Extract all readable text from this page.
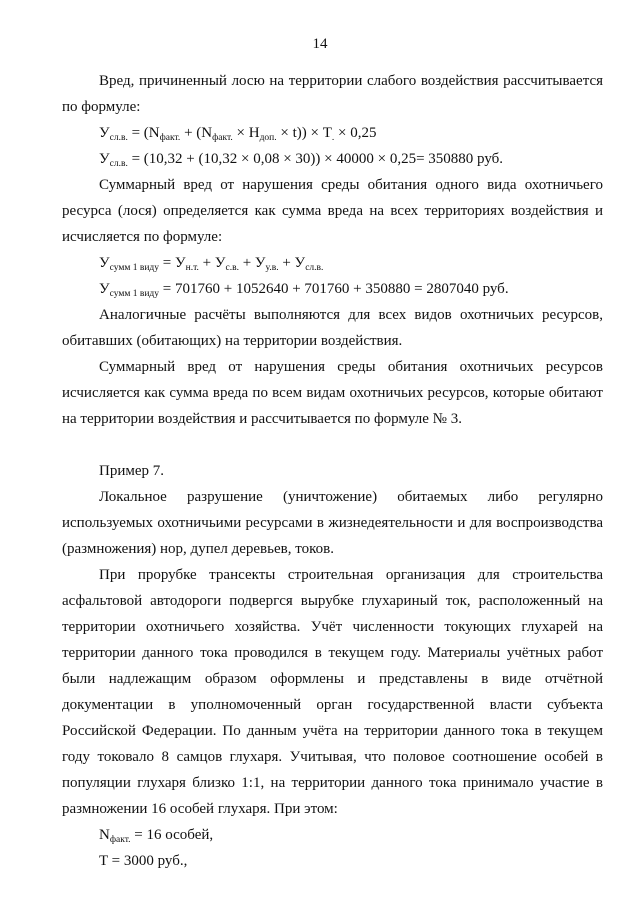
14

Вред, причиненный лосю на территории слабого воздействия рассчитывается по формуле:

$У_{сл.в.} = (N_{факт.} + (N_{факт.} \times H_{доп.} \times t)) \times T_. \times 0,25$
$У_{сл.в.} = (10,32 + (10,32 \times 0,08 \times 30)) \times 40000 \times 0,25= 350880$ руб.

Суммарный вред от нарушения среды обитания одного вида охотничьего ресурса (лося) определяется как сумма вреда на всех территориях воздействия и исчисляется по формуле:

$У_{сумм 1 виду} = У_{н.т.} + У_{с.в.} + У_{у.в.} + У_{сл.в.}$
$У_{сумм 1 виду} = 701760 + 1052640 + 701760 + 350880 = 2807040$ руб.

Аналогичные расчёты выполняются для всех видов охотничьих ресурсов, обитавших (обитающих) на территории воздействия.

Суммарный вред от нарушения среды обитания охотничьих ресурсов исчисляется как сумма вреда по всем видам охотничьих ресурсов, которые обитают на территории воздействия и рассчитывается по формуле № 3.

Пример 7.

Локальное разрушение (уничтожение) обитаемых либо регулярно используемых охотничьими ресурсами в жизнедеятельности и для воспроизводства (размножения) нор, дупел деревьев, токов.

При прорубке трансекты строительная организация для строительства асфальтовой автодороги подвергся вырубке глухариный ток, расположенный на территории охотничьего хозяйства. Учёт численности токующих глухарей на территории данного тока проводился в текущем году. Материалы учётных работ были надлежащим образом оформлены и представлены в виде отчётной документации в уполномоченный орган государственной власти субъекта Российской Федерации. По данным учёта на территории данного тока в текущем году токовало 8 самцов глухаря. Учитывая, что половое соотношение особей в популяции глухаря близко 1:1, на территории данного тока принимало участие в размножении 16 особей глухаря. При этом:

$N_{факт.} = 16$ особей,
T = 3000 руб.,
